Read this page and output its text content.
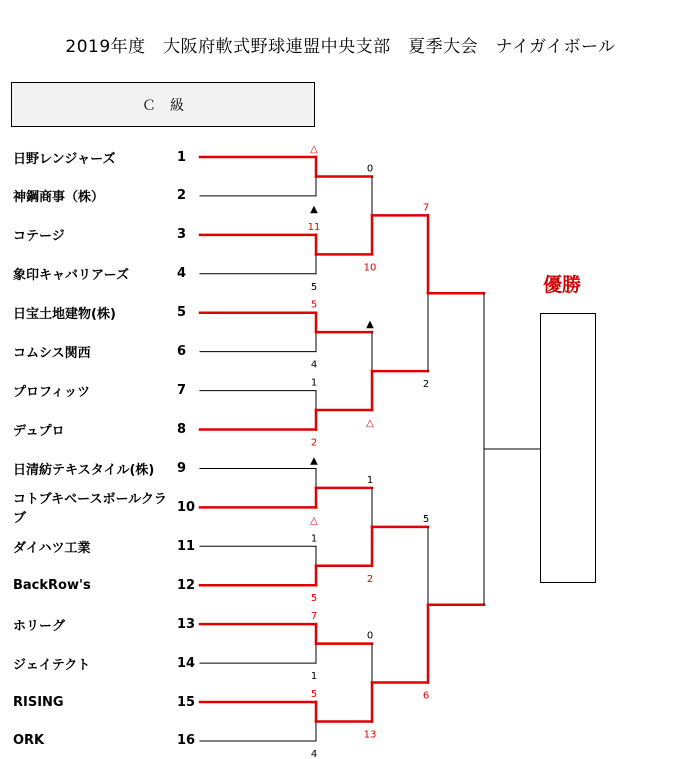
2019年度　大阪府軟式野球連盟中央支部　夏季大会　ナイガイボール
Ｃ　級
日野レンジャーズ	1
神鋼商事（株）	2
コテージ	3
象印キャバリアーズ	4
日宝土地建物(株)	5
コムシス関西	6
プロフィッツ	7
デュプロ	8
日清紡テキスタイル(株)	9
コトブキベースボールクラブ
10
ダイハツ工業	11
BackRow's	12
ホリーグ	13
ジェイテクト	14
RISING	15
ORK	16
△
▲
11
5
5
4
1
2
▲
△
1
5
7
1
5
4
0
10
▲
△
1
2
0
13
7
2
5
6
優勝
